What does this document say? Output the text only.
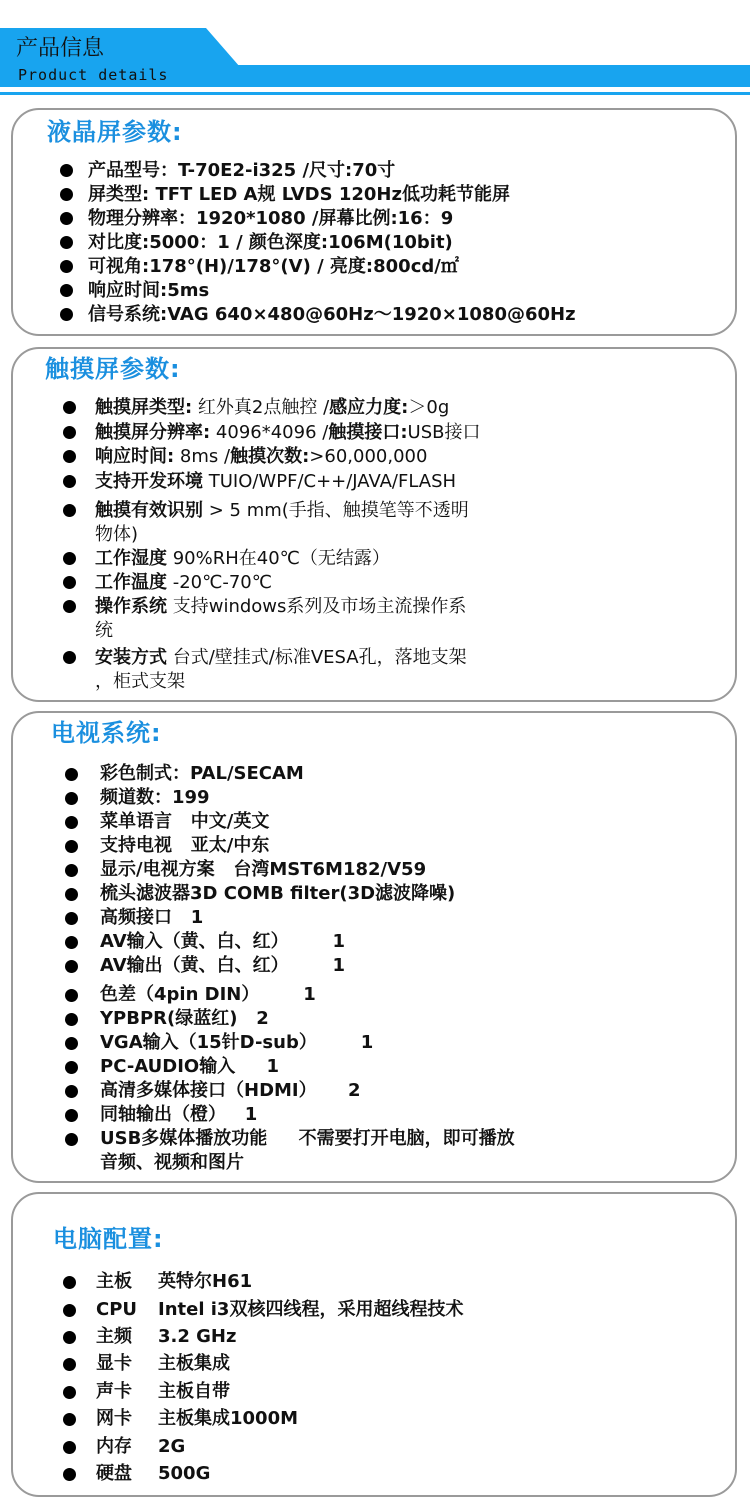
产品信息
Product details
液晶屏参数:
产品型号：T-70E2-i325 /尺寸:70寸
屏类型: TFT LED A规 LVDS 120Hz低功耗节能屏
物理分辨率：1920*1080 /屏幕比例:16：9
对比度:5000：1 / 颜色深度:106M(10bit)
可视角:178°(H)/178°(V) / 亮度:800cd/㎡
响应时间:5ms
信号系统:VAG 640×480@60Hz～1920×1080@60Hz
触摸屏参数:
触摸屏类型: 红外真2点触控 /感应力度:＞0g
触摸屏分辨率: 4096*4096 /触摸接口:USB接口
响应时间: 8ms /触摸次数:>60,000,000
支持开发环境 TUIO/WPF/C++/JAVA/FLASH
触摸有效识别 > 5 mm(手指、触摸笔等不透明
物体)
工作湿度 90%RH在40℃（无结露）
工作温度 -20℃-70℃
操作系统 支持windows系列及市场主流操作系
统
安装方式 台式/壁挂式/标准VESA孔，落地支架
，柜式支架
电视系统:
彩色制式：PAL/SECAM
频道数：199
菜单语言   中文/英文
支持电视   亚太/中东
显示/电视方案   台湾MST6M182/V59
梳头滤波器3D COMB filter(3D滤波降噪)
高频接口   1
AV输入（黄、白、红）       1
AV输出（黄、白、红）       1
色差（4pin DIN）       1
YPBPR(绿蓝红)   2
VGA输入（15针D-sub）       1
PC-AUDIO输入     1
高清多媒体接口（HDMI）     2
同轴输出（橙）   1
USB多媒体播放功能     不需要打开电脑，即可播放
音频、视频和图片
电脑配置:
主板 英特尔H61
CPU Intel i3双核四线程，采用超线程技术
主频 3.2 GHz
显卡 主板集成
声卡 主板自带
网卡 主板集成1000M
内存 2G
硬盘 500G
